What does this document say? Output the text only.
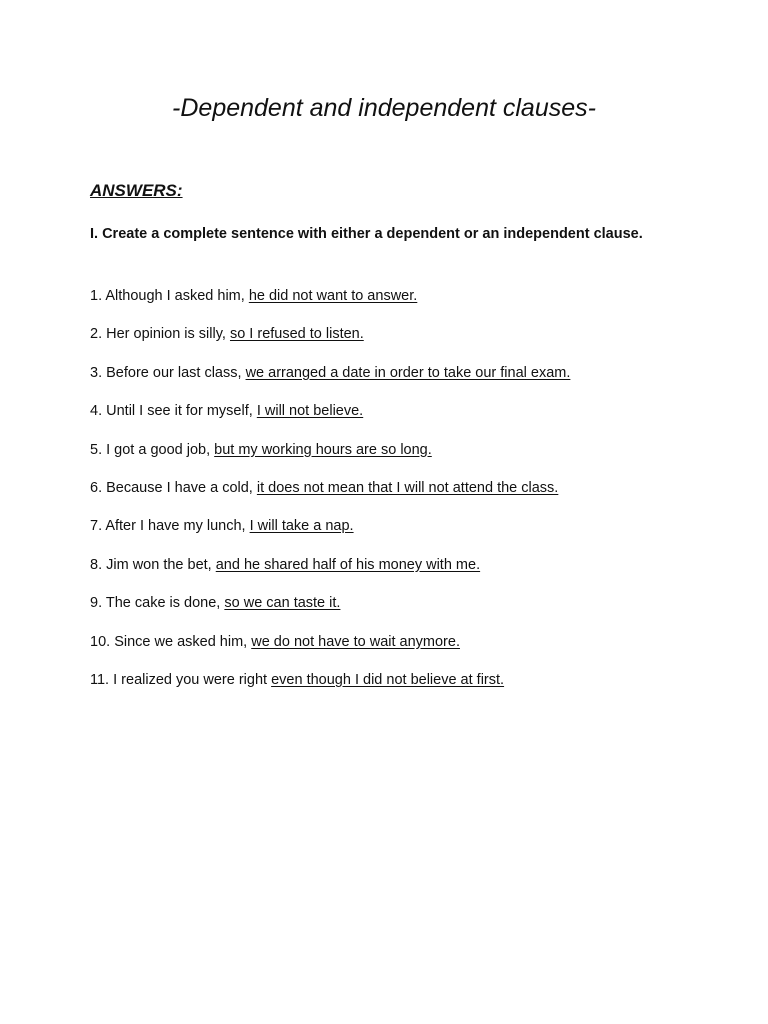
-Dependent and independent clauses-
ANSWERS:
I. Create a complete sentence with either a dependent or an independent clause.
1. Although I asked him, he did not want to answer.
2. Her opinion is silly, so I refused to listen.
3. Before our last class, we arranged a date in order to take our final exam.
4. Until I see it for myself, I will not believe.
5. I got a good job, but my working hours are so long.
6. Because I have a cold, it does not mean that I will not attend the class.
7. After I have my lunch, I will take a nap.
8. Jim won the bet, and he shared half of his money with me.
9. The cake is done, so we can taste it.
10. Since we asked him, we do not have to wait anymore.
11. I realized you were right even though I did not believe at first.
